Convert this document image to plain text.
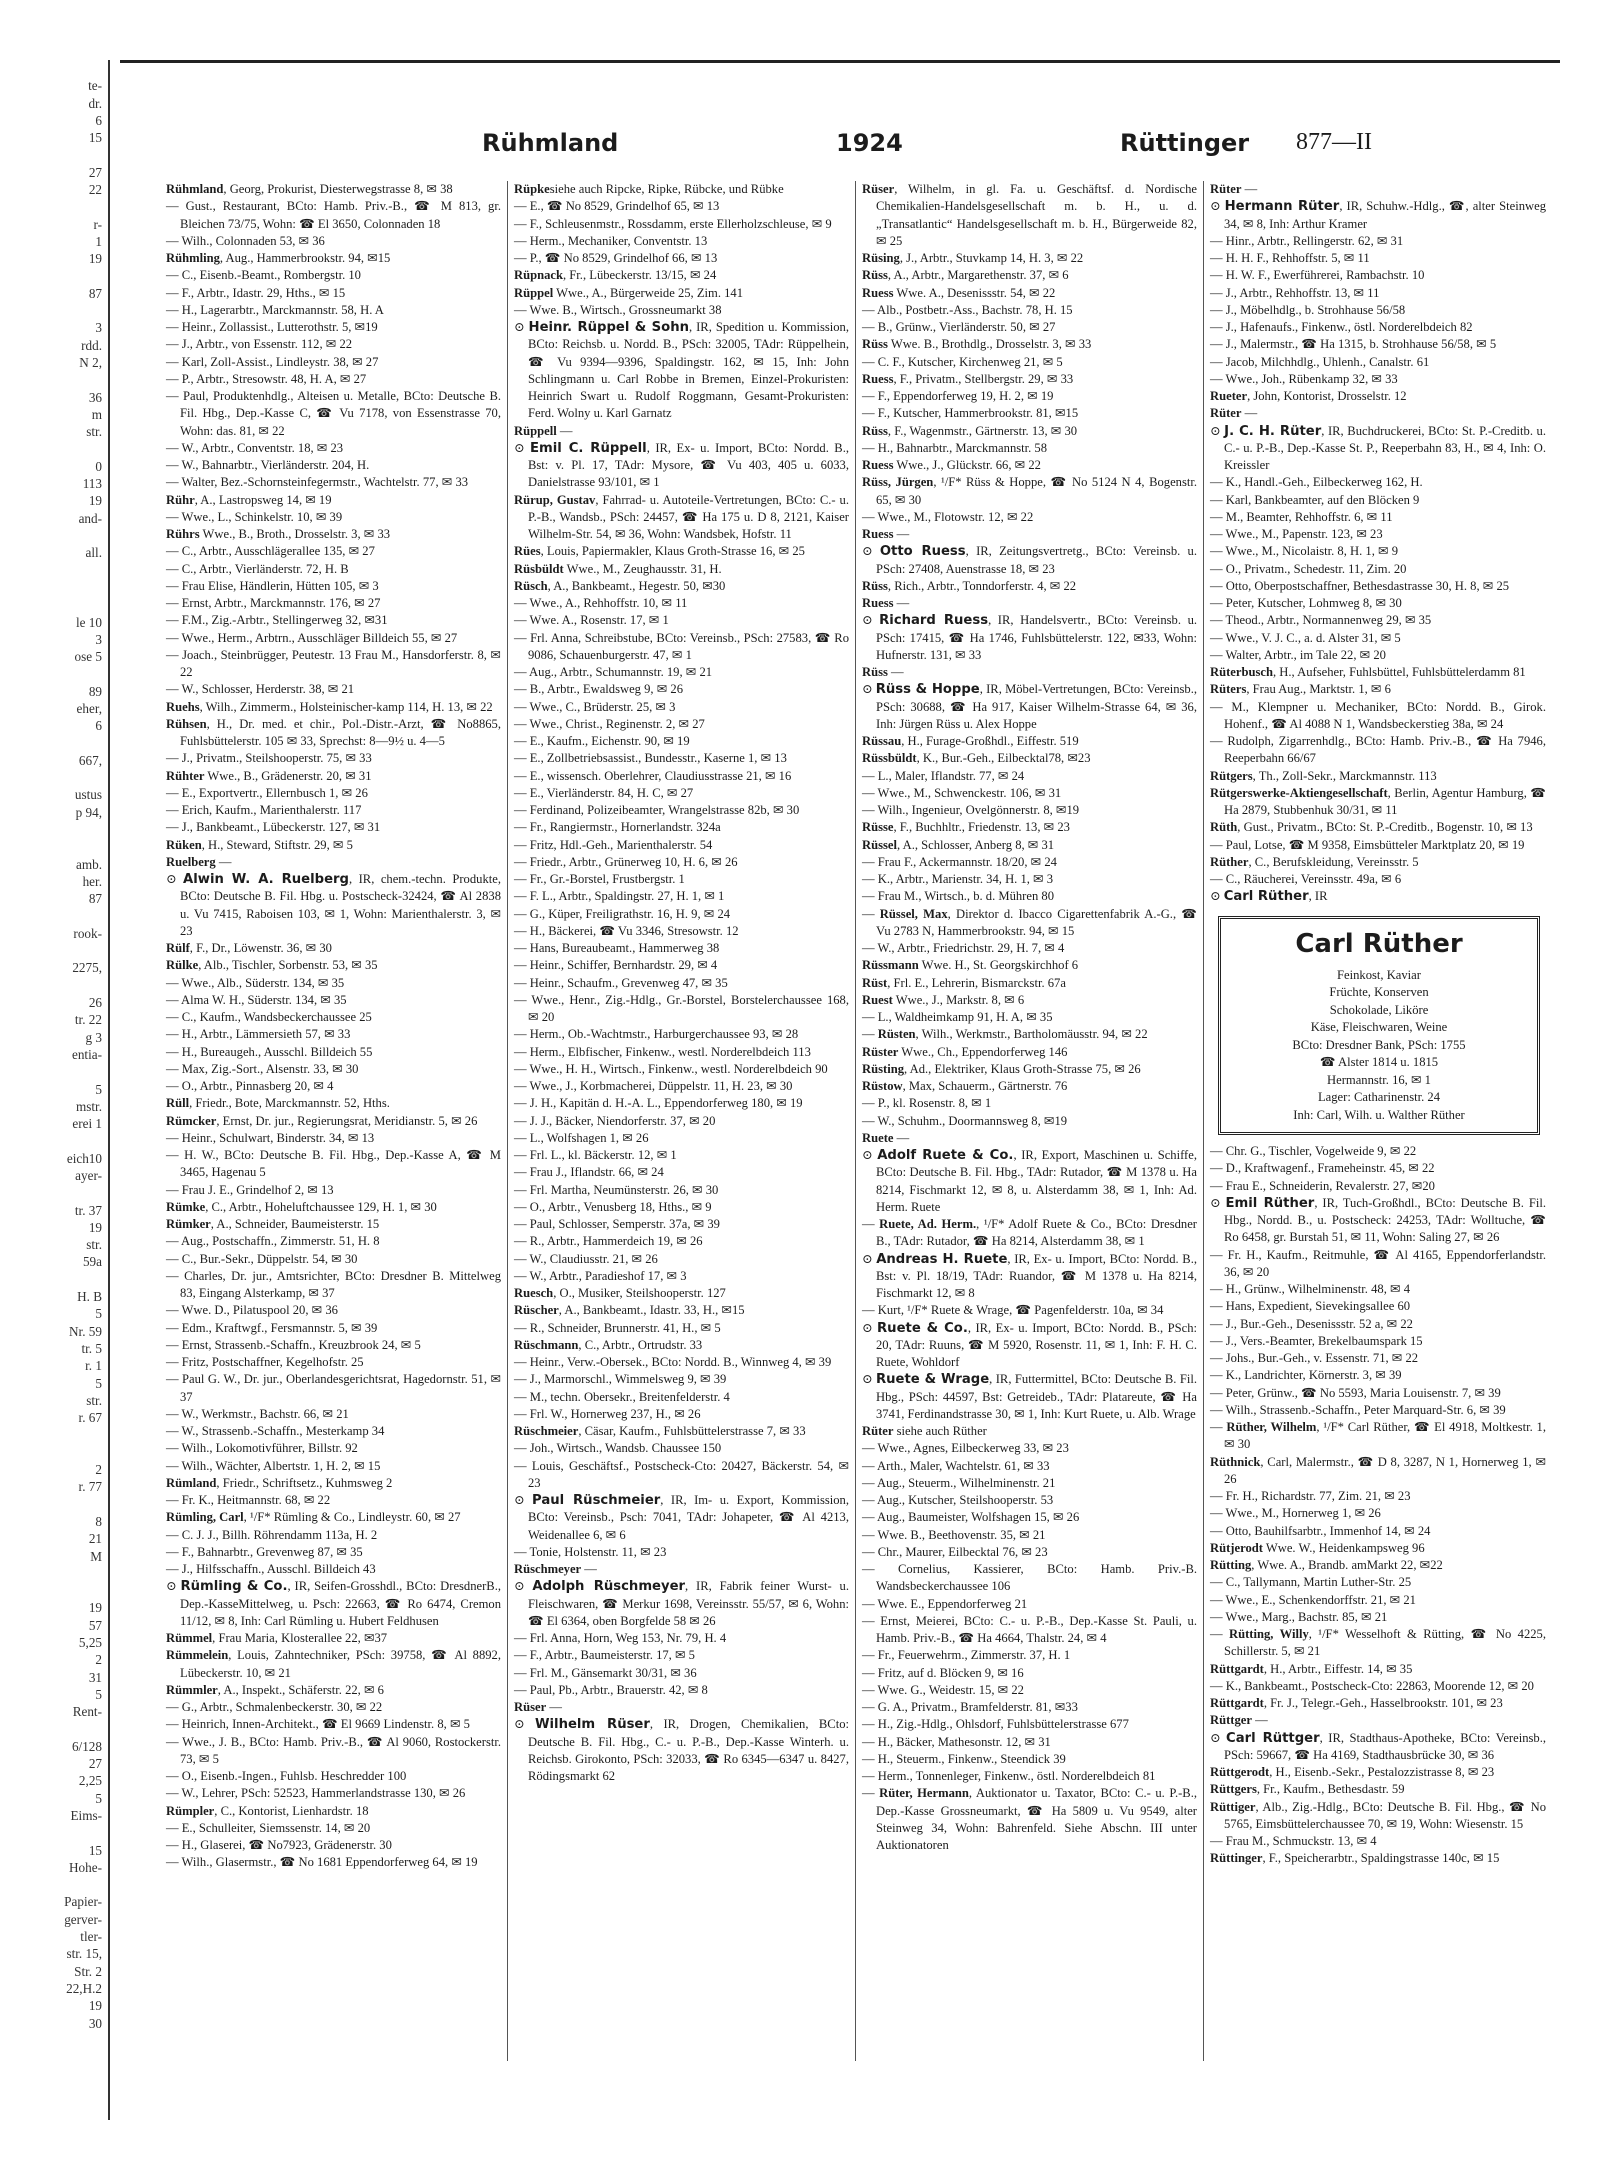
te-
dr.
6
15
27
22
r-
1
19
87
3
rdd.
N 2,
36
m
str.
0
113
19
and-
all.
le 10
3
ose 5
89
eher,
6
667,
ustus
p 94,
amb.
her.
87
rook-
2275,
26
tr. 22
g 3
entia-
5
mstr.
erei 1
eich10
ayer-
tr. 37
19
str.
59a
H. B
5
Nr. 59
tr. 5
r. 1
5
str.
r. 67
2
r. 77
8
21
M
19
57
5,25
2
31
5
Rent-
6/128
27
2,25
5
Eims-
15
Hohe-
Papier-
gerver-
tler-
str. 15,
Str. 2
22,H.2
19
30
Rühmland	1924	Rüttinger 877—II

Rühmland, Georg, Prokurist, Diesterwegstrasse 8, ✉ 38

— Gust., Restaurant, BCto: Hamb. Priv.-B., ☎ M 813, gr. Bleichen 73/75, Wohn: ☎ El 3650, Colonnaden 18

— Wilh., Colonnaden 53, ✉ 36

Rühmling, Aug., Hammerbrookstr. 94, ✉15

— C., Eisenb.-Beamt., Rombergstr. 10

— F., Arbtr., Idastr. 29, Hths., ✉ 15

— H., Lagerarbtr., Marckmannstr. 58, H. A

— Heinr., Zollassist., Lutterothstr. 5, ✉19

— J., Arbtr., von Essenstr. 112, ✉ 22

— Karl, Zoll-Assist., Lindleystr. 38, ✉ 27

— P., Arbtr., Stresowstr. 48, H. A, ✉ 27

— Paul, Produktenhdlg., Alteisen u. Metalle, BCto: Deutsche B. Fil. Hbg., Dep.-Kasse C, ☎ Vu 7178, von Essenstrasse 70, Wohn: das. 81, ✉ 22

— W., Arbtr., Conventstr. 18, ✉ 23

— W., Bahnarbtr., Vierländerstr. 204, H.

— Walter, Bez.-Schornsteinfegermstr., Wachtelstr. 77, ✉ 33

Rühr, A., Lastropsweg 14, ✉ 19

— Wwe., L., Schinkelstr. 10, ✉ 39

Rührs Wwe., B., Broth., Drosselstr. 3, ✉ 33

— C., Arbtr., Ausschlägerallee 135, ✉ 27

— C., Arbtr., Vierländerstr. 72, H. B

— Frau Elise, Händlerin, Hütten 105, ✉ 3

— Ernst, Arbtr., Marckmannstr. 176, ✉ 27

— F.M., Zig.-Arbtr., Stellingerweg 32, ✉31

— Wwe., Herm., Arbtrn., Ausschläger Billdeich 55, ✉ 27

— Joach., Steinbrügger, Peutestr. 13 Frau M., Hansdorferstr. 8, ✉ 22

— W., Schlosser, Herderstr. 38, ✉ 21

Ruehs, Wilh., Zimmerm., Holsteinischer-kamp 114, H. 13, ✉ 22

Rühsen, H., Dr. med. et chir., Pol.-Distr.-Arzt, ☎ No8865, Fuhlsbüttelerstr. 105 ✉ 33, Sprechst: 8—9½ u. 4—5

— J., Privatm., Steilshooperstr. 75, ✉ 33

Rühter Wwe., B., Grädenerstr. 20, ✉ 31

— E., Exportvertr., Ellernbusch 1, ✉ 26

— Erich, Kaufm., Marienthalerstr. 117

— J., Bankbeamt., Lübeckerstr. 127, ✉ 31

Rüken, H., Steward, Stiftstr. 29, ✉ 5

Ruelberg —

⊙ Alwin W. A. Ruelberg, IR, chem.-techn. Produkte, BCto: Deutsche B. Fil. Hbg. u. Postscheck-32424, ☎ Al 2838 u. Vu 7415, Raboisen 103, ✉ 1, Wohn: Marienthalerstr. 3, ✉ 23

Rülf, F., Dr., Löwenstr. 36, ✉ 30

Rülke, Alb., Tischler, Sorbenstr. 53, ✉ 35

— Wwe., Alb., Süderstr. 134, ✉ 35

— Alma W. H., Süderstr. 134, ✉ 35

— C., Kaufm., Wandsbeckerchaussee 25

— H., Arbtr., Lämmersieth 57, ✉ 33

— H., Bureaugeh., Ausschl. Billdeich 55

— Max, Zig.-Sort., Alsenstr. 33, ✉ 30

— O., Arbtr., Pinnasberg 20, ✉ 4

Rüll, Friedr., Bote, Marckmannstr. 52, Hths.

Rümcker, Ernst, Dr. jur., Regierungsrat, Meridianstr. 5, ✉ 26

— Heinr., Schulwart, Binderstr. 34, ✉ 13

— H. W., BCto: Deutsche B. Fil. Hbg., Dep.-Kasse A, ☎ M 3465, Hagenau 5

— Frau J. E., Grindelhof 2, ✉ 13

Rümke, C., Arbtr., Hoheluftchaussee 129, H. 1, ✉ 30

Rümker, A., Schneider, Baumeisterstr. 15

— Aug., Postschaffn., Zimmerstr. 51, H. 8

— C., Bur.-Sekr., Düppelstr. 54, ✉ 30

— Charles, Dr. jur., Amtsrichter, BCto: Dresdner B. Mittelweg 83, Eingang Alsterkamp, ✉ 37

— Wwe. D., Pilatuspool 20, ✉ 36

— Edm., Kraftwgf., Fersmannstr. 5, ✉ 39

— Ernst, Strassenb.-Schaffn., Kreuzbrook 24, ✉ 5

— Fritz, Postschaffner, Kegelhofstr. 25

— Paul G. W., Dr. jur., Oberlandesgerichtsrat, Hagedornstr. 51, ✉ 37

— W., Werkmstr., Bachstr. 66, ✉ 21

— W., Strassenb.-Schaffn., Mesterkamp 34

— Wilh., Lokomotivführer, Billstr. 92

— Wilh., Wächter, Albertstr. 1, H. 2, ✉ 15

Rümland, Friedr., Schriftsetz., Kuhmsweg 2

— Fr. K., Heitmannstr. 68, ✉ 22

Rümling, Carl, ¹/F* Rümling & Co., Lindleystr. 60, ✉ 27

— C. J. J., Billh. Röhrendamm 113a, H. 2

— F., Bahnarbtr., Grevenweg 87, ✉ 35

— J., Hilfsschaffn., Ausschl. Billdeich 43

⊙ Rümling & Co., IR, Seifen-Grosshdl., BCto: DresdnerB., Dep.-KasseMittelweg, u. Psch: 22663, ☎ Ro 6474, Cremon 11/12, ✉ 8, Inh: Carl Rümling u. Hubert Feldhusen

Rümmel, Frau Maria, Klosterallee 22, ✉37

Rümmelein, Louis, Zahntechniker, PSch: 39758, ☎ Al 8892, Lübeckerstr. 10, ✉ 21

Rümmler, A., Inspekt., Schäferstr. 22, ✉ 6

— G., Arbtr., Schmalenbeckerstr. 30, ✉ 22

— Heinrich, Innen-Architekt., ☎ El 9669 Lindenstr. 8, ✉ 5

— Wwe., J. B., BCto: Hamb. Priv.-B., ☎ Al 9060, Rostockerstr. 73, ✉ 5

— O., Eisenb.-Ingen., Fuhlsb. Heschredder 100

— W., Lehrer, PSch: 52523, Hammerlandstrasse 130, ✉ 26

Rümpler, C., Kontorist, Lienhardstr. 18

— E., Schulleiter, Siemssenstr. 14, ✉ 20

— H., Glaserei, ☎ No7923, Grädenerstr. 30

— Wilh., Glasermstr., ☎ No 1681 Eppendorferweg 64, ✉ 19

Rüpkesiehe auch Ripcke, Ripke, Rübcke, und Rübke

— E., ☎ No 8529, Grindelhof 65, ✉ 13

— F., Schleusenmstr., Rossdamm, erste Ellerholzschleuse, ✉ 9

— Herm., Mechaniker, Conventstr. 13

— P., ☎ No 8529, Grindelhof 66, ✉ 13

Rüpnack, Fr., Lübeckerstr. 13/15, ✉ 24

Rüppel Wwe., A., Bürgerweide 25, Zim. 141

— Wwe. B., Wirtsch., Grossneumarkt 38

⊙ Heinr. Rüppel & Sohn, IR, Spedition u. Kommission, BCto: Reichsb. u. Nordd. B., PSch: 32005, TAdr: Rüppelhein, ☎ Vu 9394—9396, Spaldingstr. 162, ✉ 15, Inh: John Schlingmann u. Carl Robbe in Bremen, Einzel-Prokuristen: Heinrich Swart u. Rudolf Roggmann, Gesamt-Prokuristen: Ferd. Wolny u. Karl Garnatz

Rüppell —

⊙ Emil C. Rüppell, IR, Ex- u. Import, BCto: Nordd. B., Bst: v. Pl. 17, TAdr: Mysore, ☎ Vu 403, 405 u. 6033, Danielstrasse 93/101, ✉ 1

Rürup, Gustav, Fahrrad- u. Autoteile-Vertretungen, BCto: C.- u. P.-B., Wandsb., PSch: 24457, ☎ Ha 175 u. D 8, 2121, Kaiser Wilhelm-Str. 54, ✉ 36, Wohn: Wandsbek, Hofstr. 11

Rües, Louis, Papiermakler, Klaus Groth-Strasse 16, ✉ 25

Rüsbüldt Wwe., M., Zeughausstr. 31, H.

Rüsch, A., Bankbeamt., Hegestr. 50, ✉30

— Wwe., A., Rehhoffstr. 10, ✉ 11

— Wwe. A., Rosenstr. 17, ✉ 1

— Frl. Anna, Schreibstube, BCto: Vereinsb., PSch: 27583, ☎ Ro 9086, Schauenburgerstr. 47, ✉ 1

— Aug., Arbtr., Schumannstr. 19, ✉ 21

— B., Arbtr., Ewaldsweg 9, ✉ 26

— Wwe., C., Brüderstr. 25, ✉ 3

— Wwe., Christ., Reginenstr. 2, ✉ 27

— E., Kaufm., Eichenstr. 90, ✉ 19

— E., Zollbetriebsassist., Bundesstr., Kaserne 1, ✉ 13

— E., wissensch. Oberlehrer, Claudiusstrasse 21, ✉ 16

— E., Vierländerstr. 84, H. C, ✉ 27

— Ferdinand, Polizeibeamter, Wrangelstrasse 82b, ✉ 30

— Fr., Rangiermstr., Hornerlandstr. 324a

— Fritz, Hdl.-Geh., Marienthalerstr. 54

— Friedr., Arbtr., Grünerweg 10, H. 6, ✉ 26

— Fr., Gr.-Borstel, Frustbergstr. 1

— F. L., Arbtr., Spaldingstr. 27, H. 1, ✉ 1

— G., Küper, Freiligrathstr. 16, H. 9, ✉ 24

— H., Bäckerei, ☎ Vu 3346, Stresowstr. 12

— Hans, Bureaubeamt., Hammerweg 38

— Heinr., Schiffer, Bernhardstr. 29, ✉ 4

— Heinr., Schaufm., Grevenweg 47, ✉ 35

— Wwe., Henr., Zig.-Hdlg., Gr.-Borstel, Borstelerchaussee 168, ✉ 20

— Herm., Ob.-Wachtmstr., Harburgerchaussee 93, ✉ 28

— Herm., Elbfischer, Finkenw., westl. Norderelbdeich 113

— Wwe., H. H., Wirtsch., Finkenw., westl. Norderelbdeich 90

— Wwe., J., Korbmacherei, Düppelstr. 11, H. 23, ✉ 30

— J. H., Kapitän d. H.-A. L., Eppendorferweg 180, ✉ 19

— J. J., Bäcker, Niendorferstr. 37, ✉ 20

— L., Wolfshagen 1, ✉ 26

— Frl. L., kl. Bäckerstr. 12, ✉ 1

— Frau J., Iflandstr. 66, ✉ 24

— Frl. Martha, Neumünsterstr. 26, ✉ 30

— O., Arbtr., Venusberg 18, Hths., ✉ 9

— Paul, Schlosser, Semperstr. 37a, ✉ 39

— R., Arbtr., Hammerdeich 19, ✉ 26

— W., Claudiusstr. 21, ✉ 26

— W., Arbtr., Paradieshof 17, ✉ 3

Ruesch, O., Musiker, Steilshooperstr. 127

Rüscher, A., Bankbeamt., Idastr. 33, H., ✉15

— R., Schneider, Brunnerstr. 41, H., ✉ 5

Rüschmann, C., Arbtr., Ortrudstr. 33

— Heinr., Verw.-Obersek., BCto: Nordd. B., Winnweg 4, ✉ 39

— J., Marmorschl., Wimmelsweg 9, ✉ 39

— M., techn. Obersekr., Breitenfelderstr. 4

— Frl. W., Hornerweg 237, H., ✉ 26

Rüschmeier, Cäsar, Kaufm., Fuhlsbüttelerstrasse 7, ✉ 33

— Joh., Wirtsch., Wandsb. Chaussee 150

— Louis, Geschäftsf., Postscheck-Cto: 20427, Bäckerstr. 54, ✉ 23

⊙ Paul Rüschmeier, IR, Im- u. Export, Kommission, BCto: Vereinsb., Psch: 7041, TAdr: Johapeter, ☎ Al 4213, Weidenallee 6, ✉ 6

— Tonie, Holstenstr. 11, ✉ 23

Rüschmeyer —

⊙ Adolph Rüschmeyer, IR, Fabrik feiner Wurst- u. Fleischwaren, ☎ Merkur 1698, Vereinsstr. 55/57, ✉ 6, Wohn: ☎ El 6364, oben Borgfelde 58 ✉ 26

— Frl. Anna, Horn, Weg 153, Nr. 79, H. 4

— F., Arbtr., Baumeisterstr. 17, ✉ 5

— Frl. M., Gänsemarkt 30/31, ✉ 36

— Paul, Pb., Arbtr., Brauerstr. 42, ✉ 8

Rüser —

⊙ Wilhelm Rüser, IR, Drogen, Chemikalien, BCto: Deutsche B. Fil. Hbg., C.- u. P.-B., Dep.-Kasse Winterh. u. Reichsb. Girokonto, PSch: 32033, ☎ Ro 6345—6347 u. 8427, Rödingsmarkt 62

Rüser, Wilhelm, in gl. Fa. u. Geschäftsf. d. Nordische Chemikalien-Handelsgesellschaft m. b. H., u. d. „Transatlantic“ Handelsgesellschaft m. b. H., Bürgerweide 82, ✉ 25

Rüsing, J., Arbtr., Stuvkamp 14, H. 3, ✉ 22

Rüss, A., Arbtr., Margarethenstr. 37, ✉ 6

Ruess Wwe. A., Desenissstr. 54, ✉ 22

— Alb., Postbetr.-Ass., Bachstr. 78, H. 15

— B., Grünw., Vierländerstr. 50, ✉ 27

Rüss Wwe. B., Brothdlg., Drosselstr. 3, ✉ 33

— C. F., Kutscher, Kirchenweg 21, ✉ 5

Ruess, F., Privatm., Stellbergstr. 29, ✉ 33

— F., Eppendorferweg 19, H. 2, ✉ 19

— F., Kutscher, Hammerbrookstr. 81, ✉15

Rüss, F., Wagenmstr., Gärtnerstr. 13, ✉ 30

— H., Bahnarbtr., Marckmannstr. 58

Ruess Wwe., J., Glückstr. 66, ✉ 22

Rüss, Jürgen, ¹/F* Rüss & Hoppe, ☎ No 5124 N 4, Bogenstr. 65, ✉ 30

— Wwe., M., Flotowstr. 12, ✉ 22

Ruess —

⊙ Otto Ruess, IR, Zeitungsvertretg., BCto: Vereinsb. u. PSch: 27408, Auenstrasse 18, ✉ 23

Rüss, Rich., Arbtr., Tonndorferstr. 4, ✉ 22

Ruess —

⊙ Richard Ruess, IR, Handelsvertr., BCto: Vereinsb. u. PSch: 17415, ☎ Ha 1746, Fuhlsbüttelerstr. 122, ✉33, Wohn: Hufnerstr. 131, ✉ 33

Rüss —

⊙ Rüss & Hoppe, IR, Möbel-Vertretungen, BCto: Vereinsb., PSch: 30688, ☎ Ha 917, Kaiser Wilhelm-Strasse 64, ✉ 36, Inh: Jürgen Rüss u. Alex Hoppe

Rüssau, H., Furage-Großhdl., Eiffestr. 519

Rüssbüldt, K., Bur.-Geh., Eilbecktal78, ✉23

— L., Maler, Iflandstr. 77, ✉ 24

— Wwe., M., Schwenckestr. 106, ✉ 31

— Wilh., Ingenieur, Ovelgönnerstr. 8, ✉19

Rüsse, F., Buchhltr., Friedenstr. 13, ✉ 23

Rüssel, A., Schlosser, Anberg 8, ✉ 31

— Frau F., Ackermannstr. 18/20, ✉ 24

— K., Arbtr., Marienstr. 34, H. 1, ✉ 3

— Frau M., Wirtsch., b. d. Mühren 80

— Rüssel, Max, Direktor d. Ibacco Cigarettenfabrik A.-G., ☎ Vu 2783 N, Hammerbrookstr. 94, ✉ 15

— W., Arbtr., Friedrichstr. 29, H. 7, ✉ 4

Rüssmann Wwe. H., St. Georgskirchhof 6

Rüst, Frl. E., Lehrerin, Bismarckstr. 67a

Ruest Wwe., J., Markstr. 8, ✉ 6

— L., Waldheimkamp 91, H. A, ✉ 35

— Rüsten, Wilh., Werkmstr., Bartholomäusstr. 94, ✉ 22

Rüster Wwe., Ch., Eppendorferweg 146

Rüsting, Ad., Elektriker, Klaus Groth-Strasse 75, ✉ 26

Rüstow, Max, Schauerm., Gärtnerstr. 76

— P., kl. Rosenstr. 8, ✉ 1

— W., Schuhm., Doormannsweg 8, ✉19

Ruete —

⊙ Adolf Ruete & Co., IR, Export, Maschinen u. Schiffe, BCto: Deutsche B. Fil. Hbg., TAdr: Rutador, ☎ M 1378 u. Ha 8214, Fischmarkt 12, ✉ 8, u. Alsterdamm 38, ✉ 1, Inh: Ad. Herm. Ruete

— Ruete, Ad. Herm., ¹/F* Adolf Ruete & Co., BCto: Dresdner B., TAdr: Rutador, ☎ Ha 8214, Alsterdamm 38, ✉ 1

⊙ Andreas H. Ruete, IR, Ex- u. Import, BCto: Nordd. B., Bst: v. Pl. 18/19, TAdr: Ruandor, ☎ M 1378 u. Ha 8214, Fischmarkt 12, ✉ 8

— Kurt, ¹/F* Ruete & Wrage, ☎ Pagenfelderstr. 10a, ✉ 34

⊙ Ruete & Co., IR, Ex- u. Import, BCto: Nordd. B., PSch: 20, TAdr: Ruuns, ☎ M 5920, Rosenstr. 11, ✉ 1, Inh: F. H. C. Ruete, Wohldorf

⊙ Ruete & Wrage, IR, Futtermittel, BCto: Deutsche B. Fil. Hbg., PSch: 44597, Bst: Getreideb., TAdr: Platareute, ☎ Ha 3741, Ferdinandstrasse 30, ✉ 1, Inh: Kurt Ruete, u. Alb. Wrage

Rüter siehe auch Rüther

— Wwe., Agnes, Eilbeckerweg 33, ✉ 23

— Arth., Maler, Wachtelstr. 61, ✉ 33

— Aug., Steuerm., Wilhelminenstr. 21

— Aug., Kutscher, Steilshooperstr. 53

— Aug., Baumeister, Wolfshagen 15, ✉ 26

— Wwe. B., Beethovenstr. 35, ✉ 21

— Chr., Maurer, Eilbecktal 76, ✉ 23

— Cornelius, Kassierer, BCto: Hamb. Priv.-B. Wandsbeckerchaussee 106

— Wwe. E., Eppendorferweg 21

— Ernst, Meierei, BCto: C.- u. P.-B., Dep.-Kasse St. Pauli, u. Hamb. Priv.-B., ☎ Ha 4664, Thalstr. 24, ✉ 4

— Fr., Feuerwehrm., Zimmerstr. 37, H. 1

— Fritz, auf d. Blöcken 9, ✉ 16

— Wwe. G., Weidestr. 15, ✉ 22

— G. A., Privatm., Bramfelderstr. 81, ✉33

— H., Zig.-Hdlg., Ohlsdorf, Fuhlsbüttelerstrasse 677

— H., Bäcker, Mathesonstr. 12, ✉ 31

— H., Steuerm., Finkenw., Steendick 39

— Herm., Tonnenleger, Finkenw., östl. Norderelbdeich 81

— Rüter, Hermann, Auktionator u. Taxator, BCto: C.- u. P.-B., Dep.-Kasse Grossneumarkt, ☎ Ha 5809 u. Vu 9549, alter Steinweg 34, Wohn: Bahrenfeld. Siehe Abschn. III unter Auktionatoren

Rüter —

⊙ Hermann Rüter, IR, Schuhw.-Hdlg., ☎, alter Steinweg 34, ✉ 8, Inh: Arthur Kramer

— Hinr., Arbtr., Rellingerstr. 62, ✉ 31

— H. H. F., Rehhoffstr. 5, ✉ 11

— H. W. F., Ewerführerei, Rambachstr. 10

— J., Arbtr., Rehhoffstr. 13, ✉ 11

— J., Möbelhdlg., b. Strohhause 56/58

— J., Hafenaufs., Finkenw., östl. Norderelbdeich 82

— J., Malermstr., ☎ Ha 1315, b. Strohhause 56/58, ✉ 5

— Jacob, Milchhdlg., Uhlenh., Canalstr. 61

— Wwe., Joh., Rübenkamp 32, ✉ 33

Rueter, John, Kontorist, Drosselstr. 12

Rüter —

⊙ J. C. H. Rüter, IR, Buchdruckerei, BCto: St. P.-Creditb. u. C.- u. P.-B., Dep.-Kasse St. P., Reeperbahn 83, H., ✉ 4, Inh: O. Kreissler

— K., Handl.-Geh., Eilbeckerweg 162, H.

— Karl, Bankbeamter, auf den Blöcken 9

— M., Beamter, Rehhoffstr. 6, ✉ 11

— Wwe., M., Papenstr. 123, ✉ 23

— Wwe., M., Nicolaistr. 8, H. 1, ✉ 9

— O., Privatm., Schedestr. 11, Zim. 20

— Otto, Oberpostschaffner, Bethesdastrasse 30, H. 8, ✉ 25

— Peter, Kutscher, Lohmweg 8, ✉ 30

— Theod., Arbtr., Normannenweg 29, ✉ 35

— Wwe., V. J. C., a. d. Alster 31, ✉ 5

— Walter, Arbtr., im Tale 22, ✉ 20

Rüterbusch, H., Aufseher, Fuhlsbüttel, Fuhlsbüttelerdamm 81

Rüters, Frau Aug., Marktstr. 1, ✉ 6

— M., Klempner u. Mechaniker, BCto: Nordd. B., Girok. Hohenf., ☎ Al 4088 N 1, Wandsbeckerstieg 38a, ✉ 24

— Rudolph, Zigarrenhdlg., BCto: Hamb. Priv.-B., ☎ Ha 7946, Reeperbahn 66/67

Rütgers, Th., Zoll-Sekr., Marckmannstr. 113

Rütgerswerke-Aktiengesellschaft, Berlin, Agentur Hamburg, ☎ Ha 2879, Stubbenhuk 30/31, ✉ 11

Rüth, Gust., Privatm., BCto: St. P.-Creditb., Bogenstr. 10, ✉ 13

— Paul, Lotse, ☎ M 9358, Eimsbütteler Marktplatz 20, ✉ 19

Rüther, C., Berufskleidung, Vereinsstr. 5

— C., Räucherei, Vereinsstr. 49a, ✉ 6

⊙ Carl Rüther, IR

Carl Rüther
Feinkost, Kaviar
Früchte, Konserven
Schokolade, Liköre
Käse, Fleischwaren, Weine
BCto: Dresdner Bank, PSch: 1755
☎ Alster 1814 u. 1815
Hermannstr. 16, ✉ 1
Lager: Catharinenstr. 24
Inh: Carl, Wilh. u. Walther Rüther

— Chr. G., Tischler, Vogelweide 9, ✉ 22

— D., Kraftwagenf., Frameheinstr. 45, ✉ 22

— Frau E., Schneiderin, Revalerstr. 27, ✉20

⊙ Emil Rüther, IR, Tuch-Großhdl., BCto: Deutsche B. Fil. Hbg., Nordd. B., u. Postscheck: 24253, TAdr: Wolltuche, ☎ Ro 6458, gr. Burstah 51, ✉ 11, Wohn: Saling 27, ✉ 26

— Fr. H., Kaufm., Reitmuhle, ☎ Al 4165, Eppendorferlandstr. 36, ✉ 20

— H., Grünw., Wilhelminenstr. 48, ✉ 4

— Hans, Expedient, Sievekingsallee 60

— J., Bur.-Geh., Desenissstr. 52 a, ✉ 22

— J., Vers.-Beamter, Brekelbaumspark 15

— Johs., Bur.-Geh., v. Essenstr. 71, ✉ 22

— K., Landrichter, Körnerstr. 3, ✉ 39

— Peter, Grünw., ☎ No 5593, Maria Louisenstr. 7, ✉ 39

— Wilh., Strassenb.-Schaffn., Peter Marquard-Str. 6, ✉ 39

— Rüther, Wilhelm, ¹/F* Carl Rüther, ☎ El 4918, Moltkestr. 1, ✉ 30

Rüthnick, Carl, Malermstr., ☎ D 8, 3287, N 1, Hornerweg 1, ✉ 26

— Fr. H., Richardstr. 77, Zim. 21, ✉ 23

— Wwe., M., Hornerweg 1, ✉ 26

— Otto, Bauhilfsarbtr., Immenhof 14, ✉ 24

Rütjerodt Wwe. W., Heidenkampsweg 96

Rütting, Wwe. A., Brandb. amMarkt 22, ✉22

— C., Tallymann, Martin Luther-Str. 25

— Wwe., E., Schenkendorffstr. 21, ✉ 21

— Wwe., Marg., Bachstr. 85, ✉ 21

— Rütting, Willy, ¹/F* Wesselhoft & Rütting, ☎ No 4225, Schillerstr. 5, ✉ 21

Rüttgardt, H., Arbtr., Eiffestr. 14, ✉ 35

— K., Bankbeamt., Postscheck-Cto: 22863, Moorende 12, ✉ 20

Rüttgardt, Fr. J., Telegr.-Geh., Hasselbrookstr. 101, ✉ 23

Rüttger —

⊙ Carl Rüttger, IR, Stadthaus-Apotheke, BCto: Vereinsb., PSch: 59667, ☎ Ha 4169, Stadthausbrücke 30, ✉ 36

Rüttgerodt, H., Eisenb.-Sekr., Pestalozzistrasse 8, ✉ 23

Rüttgers, Fr., Kaufm., Bethesdastr. 59

Rüttiger, Alb., Zig.-Hdlg., BCto: Deutsche B. Fil. Hbg., ☎ No 5765, Eimsbüttelerchaussee 70, ✉ 19, Wohn: Wiesenstr. 15

— Frau M., Schmuckstr. 13, ✉ 4

Rüttinger, F., Speicherarbtr., Spaldingstrasse 140c, ✉ 15
